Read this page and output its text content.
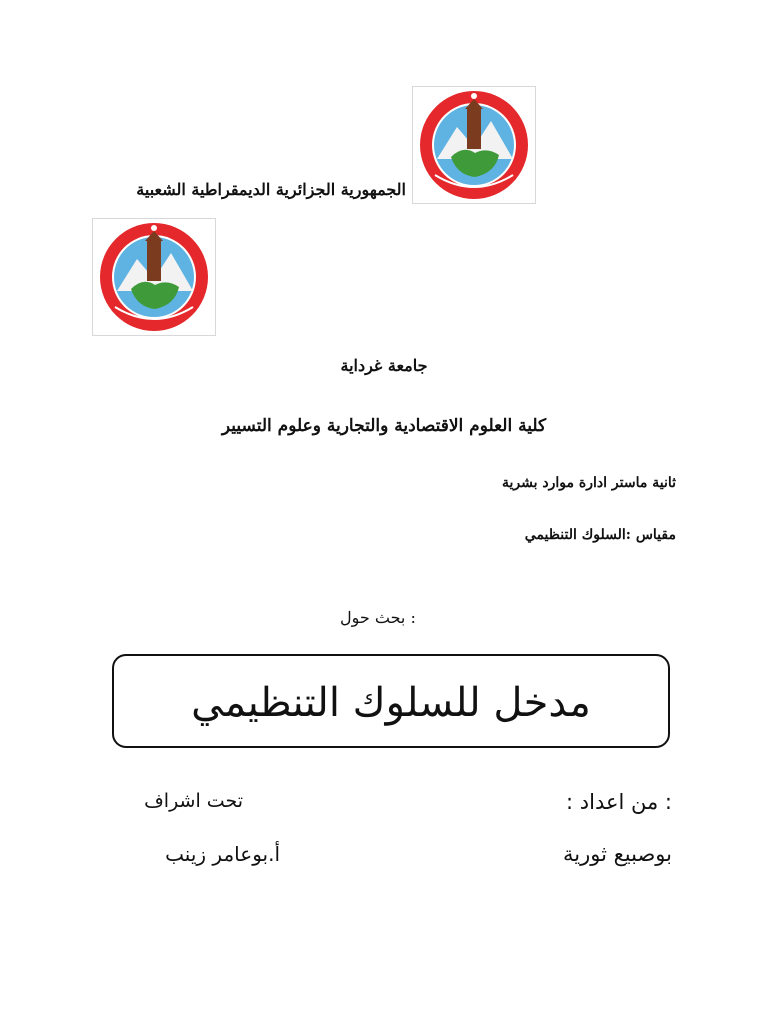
الجمهورية الجزائرية الديمقراطية الشعبية
جامعة غرداية
كلية العلوم الاقتصادية والتجارية وعلوم التسيير
ثانية ماستر ادارة موارد بشرية
مقياس :السلوك التنظيمي
: بحث حول
مدخل للسلوك التنظيمي
: من اعداد :
تحت اشراف
بوصبيع ثورية
أ.بوعامر زينب
